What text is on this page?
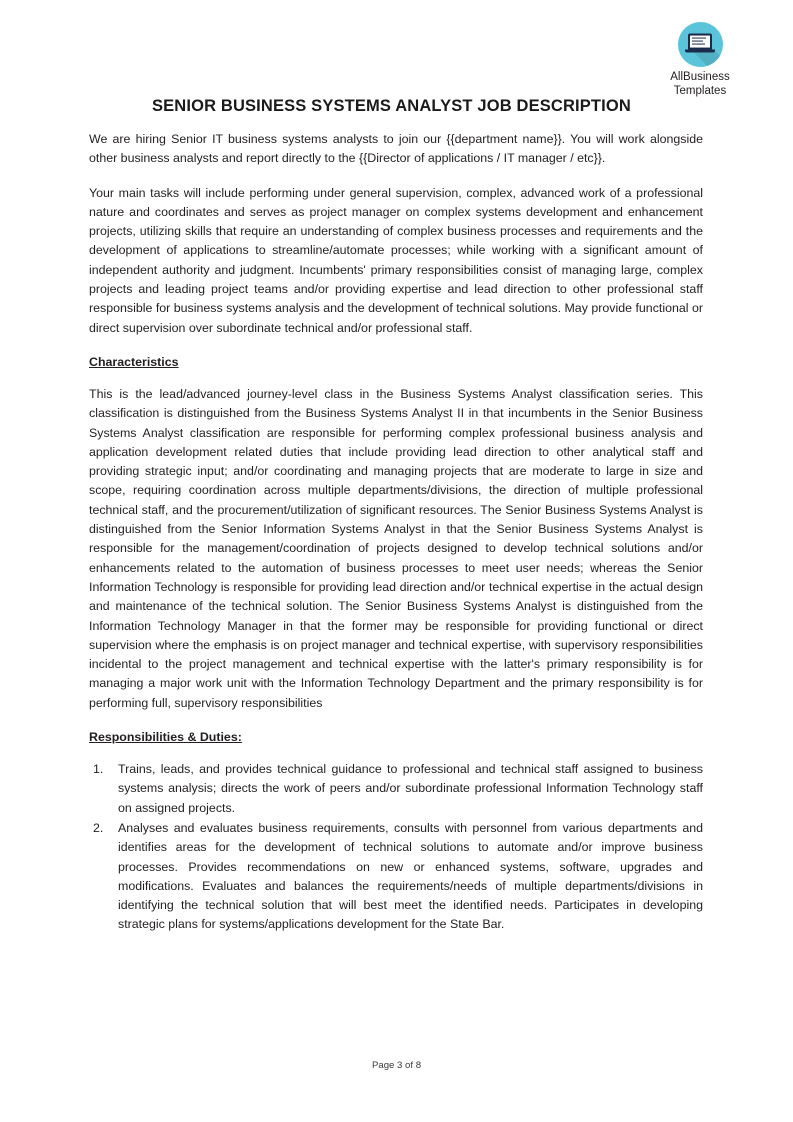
AllBusiness
Templates
SENIOR BUSINESS SYSTEMS ANALYST JOB DESCRIPTION

We are hiring Senior IT business systems analysts to join our {{department name}}. You will work alongside other business analysts and report directly to the {{Director of applications / IT manager / etc}}.

Your main tasks will include performing under general supervision, complex, advanced work of a professional nature and coordinates and serves as project manager on complex systems development and enhancement projects, utilizing skills that require an understanding of complex business processes and requirements and the development of applications to streamline/automate processes; while working with a significant amount of independent authority and judgment. Incumbents' primary responsibilities consist of managing large, complex projects and leading project teams and/or providing expertise and lead direction to other professional staff responsible for business systems analysis and the development of technical solutions. May provide functional or direct supervision over subordinate technical and/or professional staff.

Characteristics

This is the lead/advanced journey-level class in the Business Systems Analyst classification series. This classification is distinguished from the Business Systems Analyst II in that incumbents in the Senior Business Systems Analyst classification are responsible for performing complex professional business analysis and application development related duties that include providing lead direction to other analytical staff and providing strategic input; and/or coordinating and managing projects that are moderate to large in size and scope, requiring coordination across multiple departments/divisions, the direction of multiple professional technical staff, and the procurement/utilization of significant resources. The Senior Business Systems Analyst is distinguished from the Senior Information Systems Analyst in that the Senior Business Systems Analyst is responsible for the management/coordination of projects designed to develop technical solutions and/or enhancements related to the automation of business processes to meet user needs; whereas the Senior Information Technology is responsible for providing lead direction and/or technical expertise in the actual design and maintenance of the technical solution. The Senior Business Systems Analyst is distinguished from the Information Technology Manager in that the former may be responsible for providing functional or direct supervision where the emphasis is on project manager and technical expertise, with supervisory responsibilities incidental to the project management and technical expertise with the latter's primary responsibility is for managing a major work unit with the Information Technology Department and the primary responsibility is for performing full, supervisory responsibilities

Responsibilities & Duties:
Trains, leads, and provides technical guidance to professional and technical staff assigned to business systems analysis; directs the work of peers and/or subordinate professional Information Technology staff on assigned projects.
Analyses and evaluates business requirements, consults with personnel from various departments and identifies areas for the development of technical solutions to automate and/or improve business processes. Provides recommendations on new or enhanced systems, software, upgrades and modifications. Evaluates and balances the requirements/needs of multiple departments/divisions in identifying the technical solution that will best meet the identified needs. Participates in developing strategic plans for systems/applications development for the State Bar.
Page 3 of 8
